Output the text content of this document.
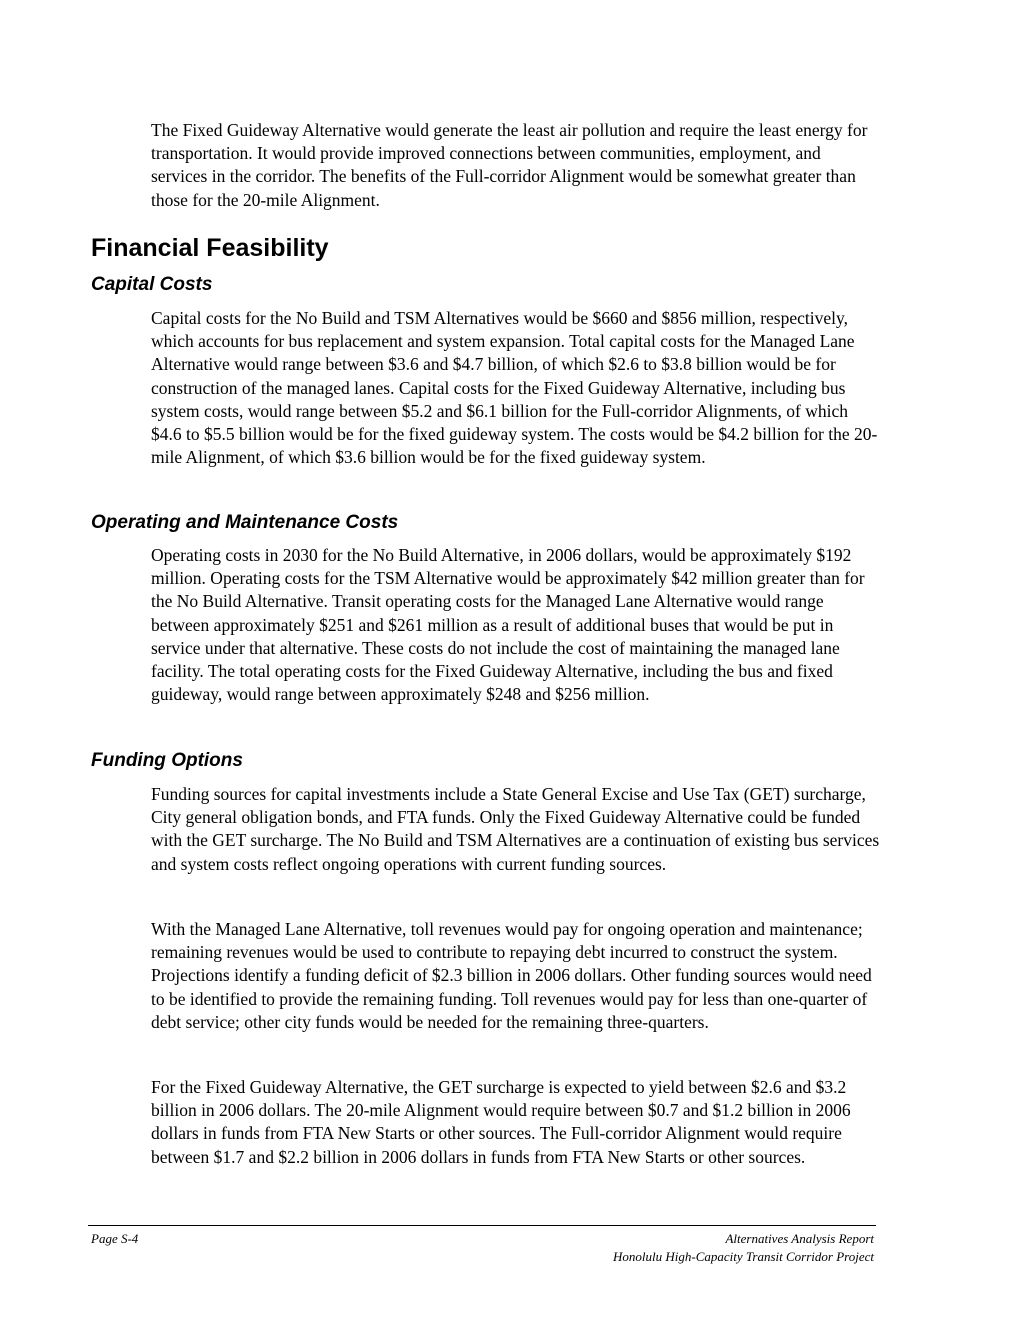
The Fixed Guideway Alternative would generate the least air pollution and require the least energy for transportation. It would provide improved connections between communities, employment, and services in the corridor. The benefits of the Full-corridor Alignment would be somewhat greater than those for the 20-mile Alignment.

Financial Feasibility
Capital Costs

Capital costs for the No Build and TSM Alternatives would be $660 and $856 million, respectively, which accounts for bus replacement and system expansion. Total capital costs for the Managed Lane Alternative would range between $3.6 and $4.7 billion, of which $2.6 to $3.8 billion would be for construction of the managed lanes. Capital costs for the Fixed Guideway Alternative, including bus system costs, would range between $5.2 and $6.1 billion for the Full-corridor Alignments, of which $4.6 to $5.5 billion would be for the fixed guideway system. The costs would be $4.2 billion for the 20-mile Alignment, of which $3.6 billion would be for the fixed guideway system.

Operating and Maintenance Costs

Operating costs in 2030 for the No Build Alternative, in 2006 dollars, would be approximately $192 million. Operating costs for the TSM Alternative would be approximately $42 million greater than for the No Build Alternative. Transit operating costs for the Managed Lane Alternative would range between approximately $251 and $261 million as a result of additional buses that would be put in service under that alternative. These costs do not include the cost of maintaining the managed lane facility. The total operating costs for the Fixed Guideway Alternative, including the bus and fixed guideway, would range between approximately $248 and $256 million.

Funding Options

Funding sources for capital investments include a State General Excise and Use Tax (GET) surcharge, City general obligation bonds, and FTA funds. Only the Fixed Guideway Alternative could be funded with the GET surcharge. The No Build and TSM Alternatives are a continuation of existing bus services and system costs reflect ongoing operations with current funding sources.

With the Managed Lane Alternative, toll revenues would pay for ongoing operation and maintenance; remaining revenues would be used to contribute to repaying debt incurred to construct the system. Projections identify a funding deficit of $2.3 billion in 2006 dollars. Other funding sources would need to be identified to provide the remaining funding. Toll revenues would pay for less than one-quarter of debt service; other city funds would be needed for the remaining three-quarters.

For the Fixed Guideway Alternative, the GET surcharge is expected to yield between $2.6 and $3.2 billion in 2006 dollars. The 20-mile Alignment would require between $0.7 and $1.2 billion in 2006 dollars in funds from FTA New Starts or other sources. The Full-corridor Alignment would require between $1.7 and $2.2 billion in 2006 dollars in funds from FTA New Starts or other sources.

Page S-4	Alternatives Analysis Report
Honolulu High-Capacity Transit Corridor Project
